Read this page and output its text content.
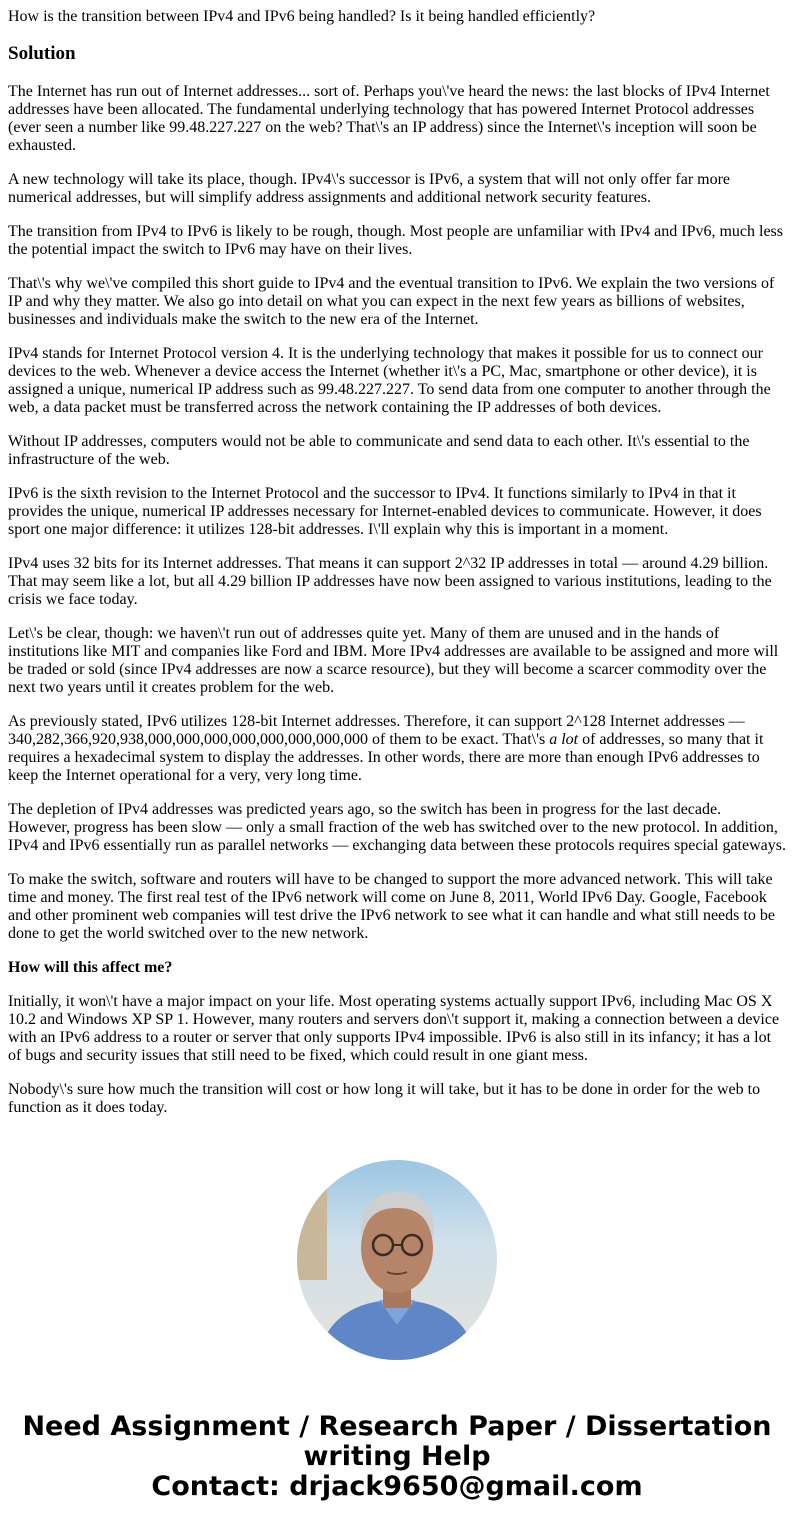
How is the transition between IPv4 and IPv6 being handled? Is it being handled efficiently?

Solution

The Internet has run out of Internet addresses... sort of. Perhaps you\'ve heard the news: the last blocks of IPv4 Internet addresses have been allocated. The fundamental underlying technology that has powered Internet Protocol addresses (ever seen a number like 99.48.227.227 on the web? That\'s an IP address) since the Internet\'s inception will soon be exhausted.

A new technology will take its place, though. IPv4\'s successor is IPv6, a system that will not only offer far more numerical addresses, but will simplify address assignments and additional network security features.

The transition from IPv4 to IPv6 is likely to be rough, though. Most people are unfamiliar with IPv4 and IPv6, much less the potential impact the switch to IPv6 may have on their lives.

That\'s why we\'ve compiled this short guide to IPv4 and the eventual transition to IPv6. We explain the two versions of IP and why they matter. We also go into detail on what you can expect in the next few years as billions of websites, businesses and individuals make the switch to the new era of the Internet.

IPv4 stands for Internet Protocol version 4. It is the underlying technology that makes it possible for us to connect our devices to the web. Whenever a device access the Internet (whether it\'s a PC, Mac, smartphone or other device), it is assigned a unique, numerical IP address such as 99.48.227.227. To send data from one computer to another through the web, a data packet must be transferred across the network containing the IP addresses of both devices.

Without IP addresses, computers would not be able to communicate and send data to each other. It\'s essential to the infrastructure of the web.

IPv6 is the sixth revision to the Internet Protocol and the successor to IPv4. It functions similarly to IPv4 in that it provides the unique, numerical IP addresses necessary for Internet-enabled devices to communicate. However, it does sport one major difference: it utilizes 128-bit addresses. I\'ll explain why this is important in a moment.

IPv4 uses 32 bits for its Internet addresses. That means it can support 2^32 IP addresses in total — around 4.29 billion. That may seem like a lot, but all 4.29 billion IP addresses have now been assigned to various institutions, leading to the crisis we face today.

Let\'s be clear, though: we haven\'t run out of addresses quite yet. Many of them are unused and in the hands of institutions like MIT and companies like Ford and IBM. More IPv4 addresses are available to be assigned and more will be traded or sold (since IPv4 addresses are now a scarce resource), but they will become a scarcer commodity over the next two years until it creates problem for the web.

As previously stated, IPv6 utilizes 128-bit Internet addresses. Therefore, it can support 2^128 Internet addresses — 340,282,366,920,938,000,000,000,000,000,000,000,000 of them to be exact. That\'s a lot of addresses, so many that it requires a hexadecimal system to display the addresses. In other words, there are more than enough IPv6 addresses to keep the Internet operational for a very, very long time.

The depletion of IPv4 addresses was predicted years ago, so the switch has been in progress for the last decade. However, progress has been slow — only a small fraction of the web has switched over to the new protocol. In addition, IPv4 and IPv6 essentially run as parallel networks — exchanging data between these protocols requires special gateways.

To make the switch, software and routers will have to be changed to support the more advanced network. This will take time and money. The first real test of the IPv6 network will come on June 8, 2011, World IPv6 Day. Google, Facebook and other prominent web companies will test drive the IPv6 network to see what it can handle and what still needs to be done to get the world switched over to the new network.

How will this affect me?

Initially, it won\'t have a major impact on your life. Most operating systems actually support IPv6, including Mac OS X 10.2 and Windows XP SP 1. However, many routers and servers don\'t support it, making a connection between a device with an IPv6 address to a router or server that only supports IPv4 impossible. IPv6 is also still in its infancy; it has a lot of bugs and security issues that still need to be fixed, which could result in one giant mess.

Nobody\'s sure how much the transition will cost or how long it will take, but it has to be done in order for the web to function as it does today.

Need Assignment / Research Paper / Dissertation writing Help
Contact: drjack9650@gmail.com
